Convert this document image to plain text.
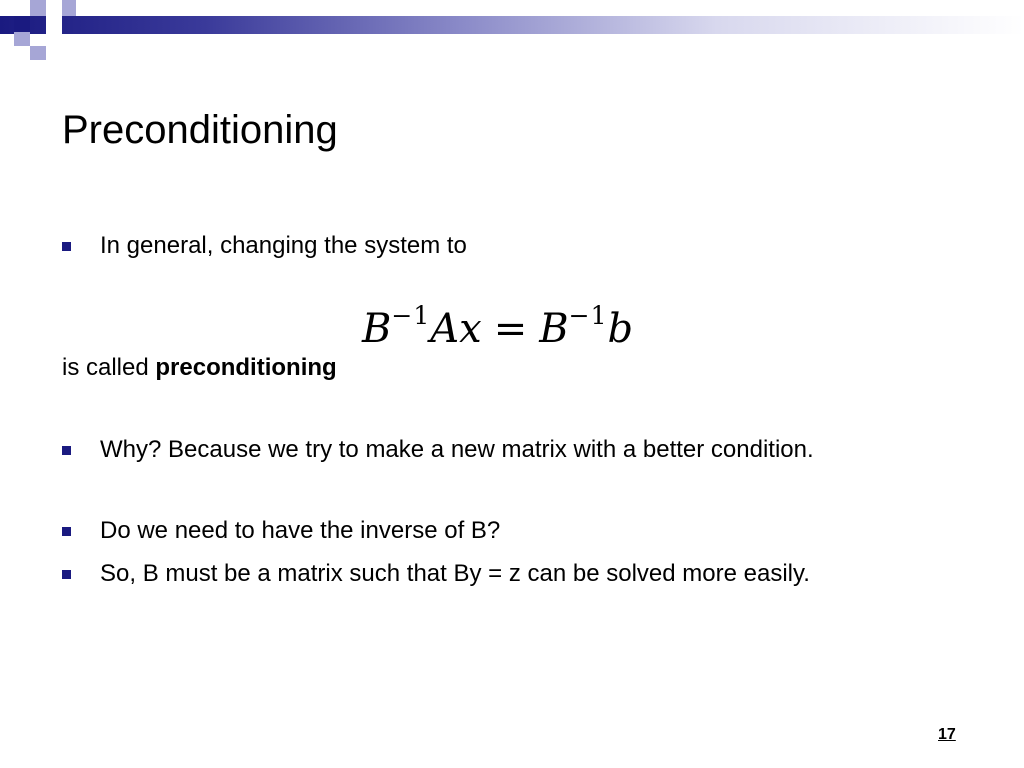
Preconditioning
In general, changing the system to
$B^{-1}Ax = B^{-1}b$
is called preconditioning
Why? Because we try to make a new matrix with a better condition.
Do we need to have the inverse of B?
So, B must be a matrix such that By = z can be solved more easily.
17
